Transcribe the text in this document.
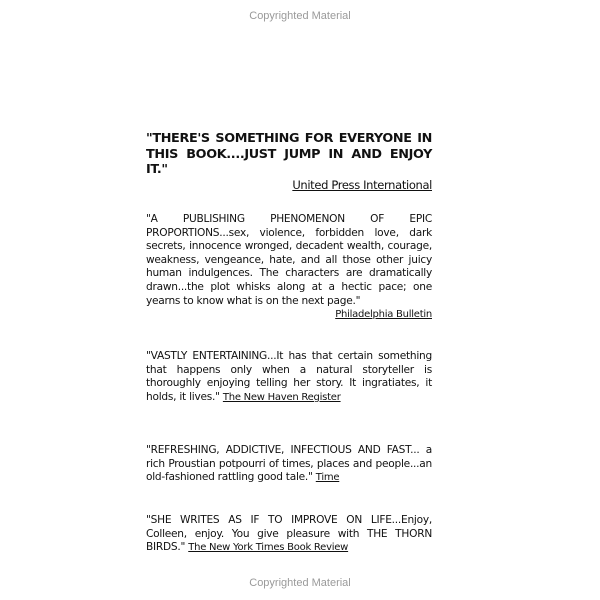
Copyrighted Material
"THERE'S SOMETHING FOR EVERYONE IN THIS BOOK....JUST JUMP IN AND ENJOY IT."
United Press International
"A PUBLISHING PHENOMENON OF EPIC PROPORTIONS...sex, violence, forbidden love, dark secrets, innocence wronged, decadent wealth, courage, weakness, vengeance, hate, and all those other juicy human indulgences. The characters are dramatically drawn...the plot whisks along at a hectic pace; one yearns to know what is on the next page."
Philadelphia Bulletin
"VASTLY ENTERTAINING...It has that certain something that happens only when a natural storyteller is thoroughly enjoying telling her story. It ingratiates, it holds, it lives." The New Haven Register
"REFRESHING, ADDICTIVE, INFECTIOUS AND FAST... a rich Proustian potpourri of times, places and people...an old-fashioned rattling good tale." Time
"SHE WRITES AS IF TO IMPROVE ON LIFE...Enjoy, Colleen, enjoy. You give pleasure with THE THORN BIRDS." The New York Times Book Review
Copyrighted Material
